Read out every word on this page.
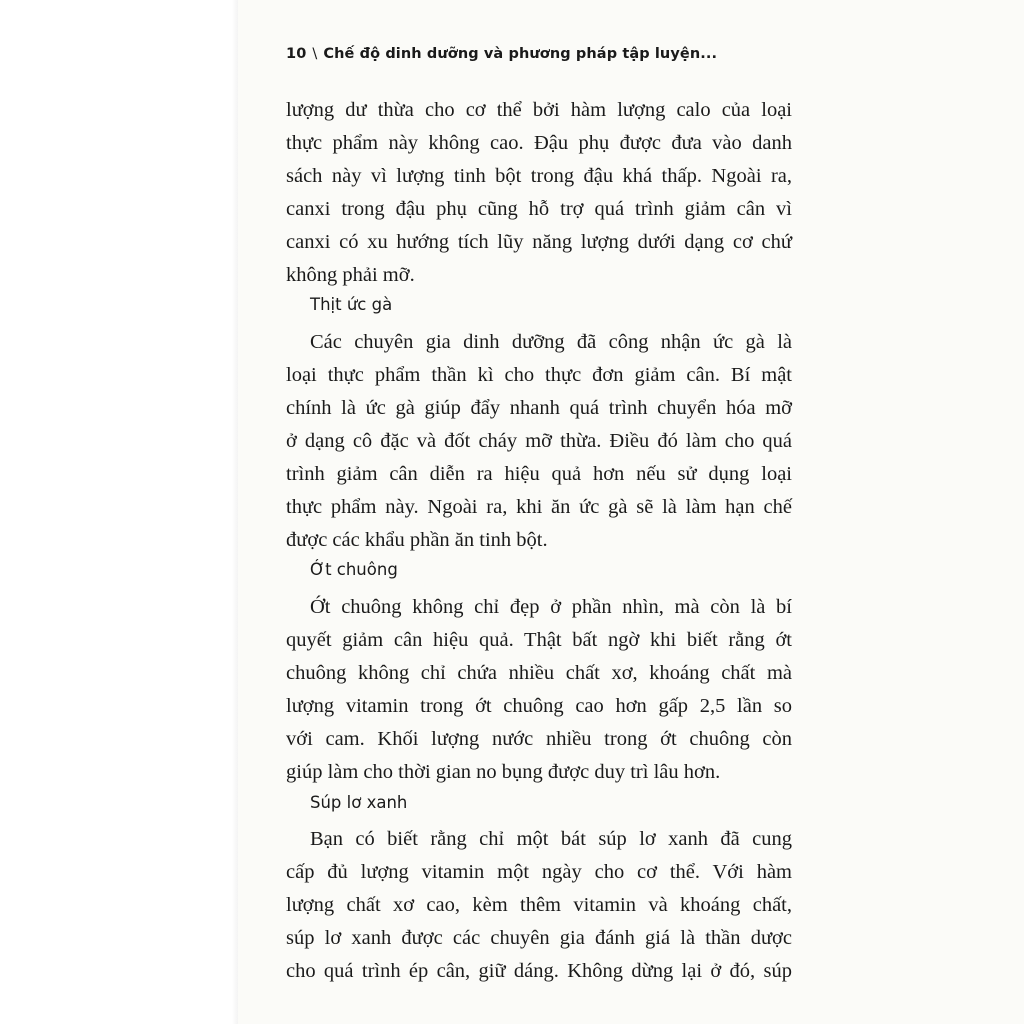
10 \ Chế độ dinh dưỡng và phương pháp tập luyện...
lượng dư thừa cho cơ thể bởi hàm lượng calo của loại
thực phẩm này không cao. Đậu phụ được đưa vào danh
sách này vì lượng tinh bột trong đậu khá thấp. Ngoài ra,
canxi trong đậu phụ cũng hỗ trợ quá trình giảm cân vì
canxi có xu hướng tích lũy năng lượng dưới dạng cơ chứ
không phải mỡ.
Thịt ức gà
Các chuyên gia dinh dưỡng đã công nhận ức gà là
loại thực phẩm thần kì cho thực đơn giảm cân. Bí mật
chính là ức gà giúp đẩy nhanh quá trình chuyển hóa mỡ
ở dạng cô đặc và đốt cháy mỡ thừa. Điều đó làm cho quá
trình giảm cân diễn ra hiệu quả hơn nếu sử dụng loại
thực phẩm này. Ngoài ra, khi ăn ức gà sẽ là làm hạn chế
được các khẩu phần ăn tinh bột.
Ớt chuông
Ớt chuông không chỉ đẹp ở phần nhìn, mà còn là bí
quyết giảm cân hiệu quả. Thật bất ngờ khi biết rằng ớt
chuông không chỉ chứa nhiều chất xơ, khoáng chất mà
lượng vitamin trong ớt chuông cao hơn gấp 2,5 lần so
với cam. Khối lượng nước nhiều trong ớt chuông còn
giúp làm cho thời gian no bụng được duy trì lâu hơn.
Súp lơ xanh
Bạn có biết rằng chỉ một bát súp lơ xanh đã cung
cấp đủ lượng vitamin một ngày cho cơ thể. Với hàm
lượng chất xơ cao, kèm thêm vitamin và khoáng chất,
súp lơ xanh được các chuyên gia đánh giá là thần dược
cho quá trình ép cân, giữ dáng. Không dừng lại ở đó, súp
